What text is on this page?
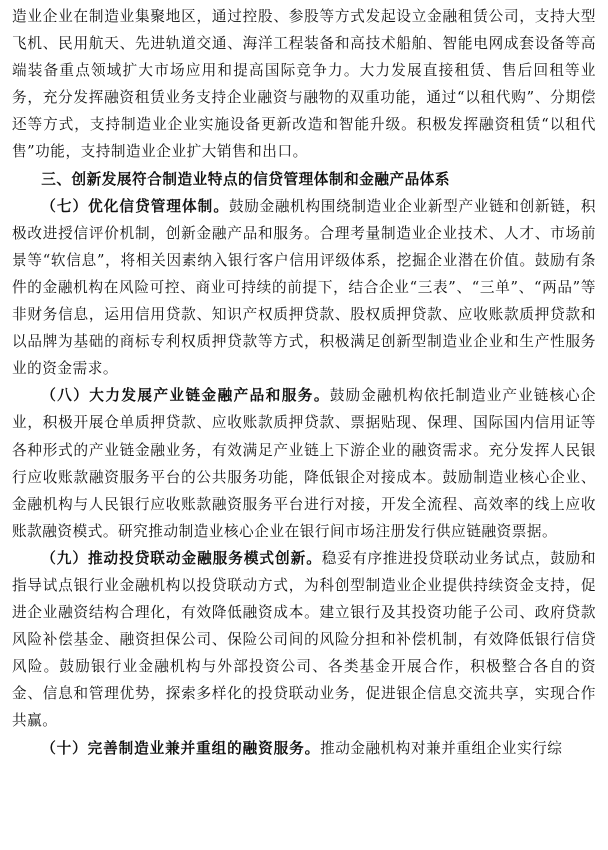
造业企业在制造业集聚地区，通过控股、参股等方式发起设立金融租赁公司，支持大型飞机、民用航天、先进轨道交通、海洋工程装备和高技术船舶、智能电网成套设备等高端装备重点领域扩大市场应用和提高国际竞争力。大力发展直接租赁、售后回租等业务，充分发挥融资租赁业务支持企业融资与融物的双重功能，通过“以租代购”、分期偿还等方式，支持制造业企业实施设备更新改造和智能升级。积极发挥融资租赁“以租代售”功能，支持制造业企业扩大销售和出口。

三、创新发展符合制造业特点的信贷管理体制和金融产品体系

（七）优化信贷管理体制。鼓励金融机构围绕制造业企业新型产业链和创新链，积极改进授信评价机制，创新金融产品和服务。合理考量制造业企业技术、人才、市场前景等“软信息”，将相关因素纳入银行客户信用评级体系，挖掘企业潜在价值。鼓励有条件的金融机构在风险可控、商业可持续的前提下，结合企业“三表”、“三单”、“两品”等非财务信息，运用信用贷款、知识产权质押贷款、股权质押贷款、应收账款质押贷款和以品牌为基础的商标专利权质押贷款等方式，积极满足创新型制造业企业和生产性服务业的资金需求。

（八）大力发展产业链金融产品和服务。鼓励金融机构依托制造业产业链核心企业，积极开展仓单质押贷款、应收账款质押贷款、票据贴现、保理、国际国内信用证等各种形式的产业链金融业务，有效满足产业链上下游企业的融资需求。充分发挥人民银行应收账款融资服务平台的公共服务功能，降低银企对接成本。鼓励制造业核心企业、金融机构与人民银行应收账款融资服务平台进行对接，开发全流程、高效率的线上应收账款融资模式。研究推动制造业核心企业在银行间市场注册发行供应链融资票据。

（九）推动投贷联动金融服务模式创新。稳妥有序推进投贷联动业务试点，鼓励和指导试点银行业金融机构以投贷联动方式，为科创型制造业企业提供持续资金支持，促进企业融资结构合理化，有效降低融资成本。建立银行及其投资功能子公司、政府贷款风险补偿基金、融资担保公司、保险公司间的风险分担和补偿机制，有效降低银行信贷风险。鼓励银行业金融机构与外部投资公司、各类基金开展合作，积极整合各自的资金、信息和管理优势，探索多样化的投贷联动业务，促进银企信息交流共享，实现合作共赢。

（十）完善制造业兼并重组的融资服务。推动金融机构对兼并重组企业实行综
